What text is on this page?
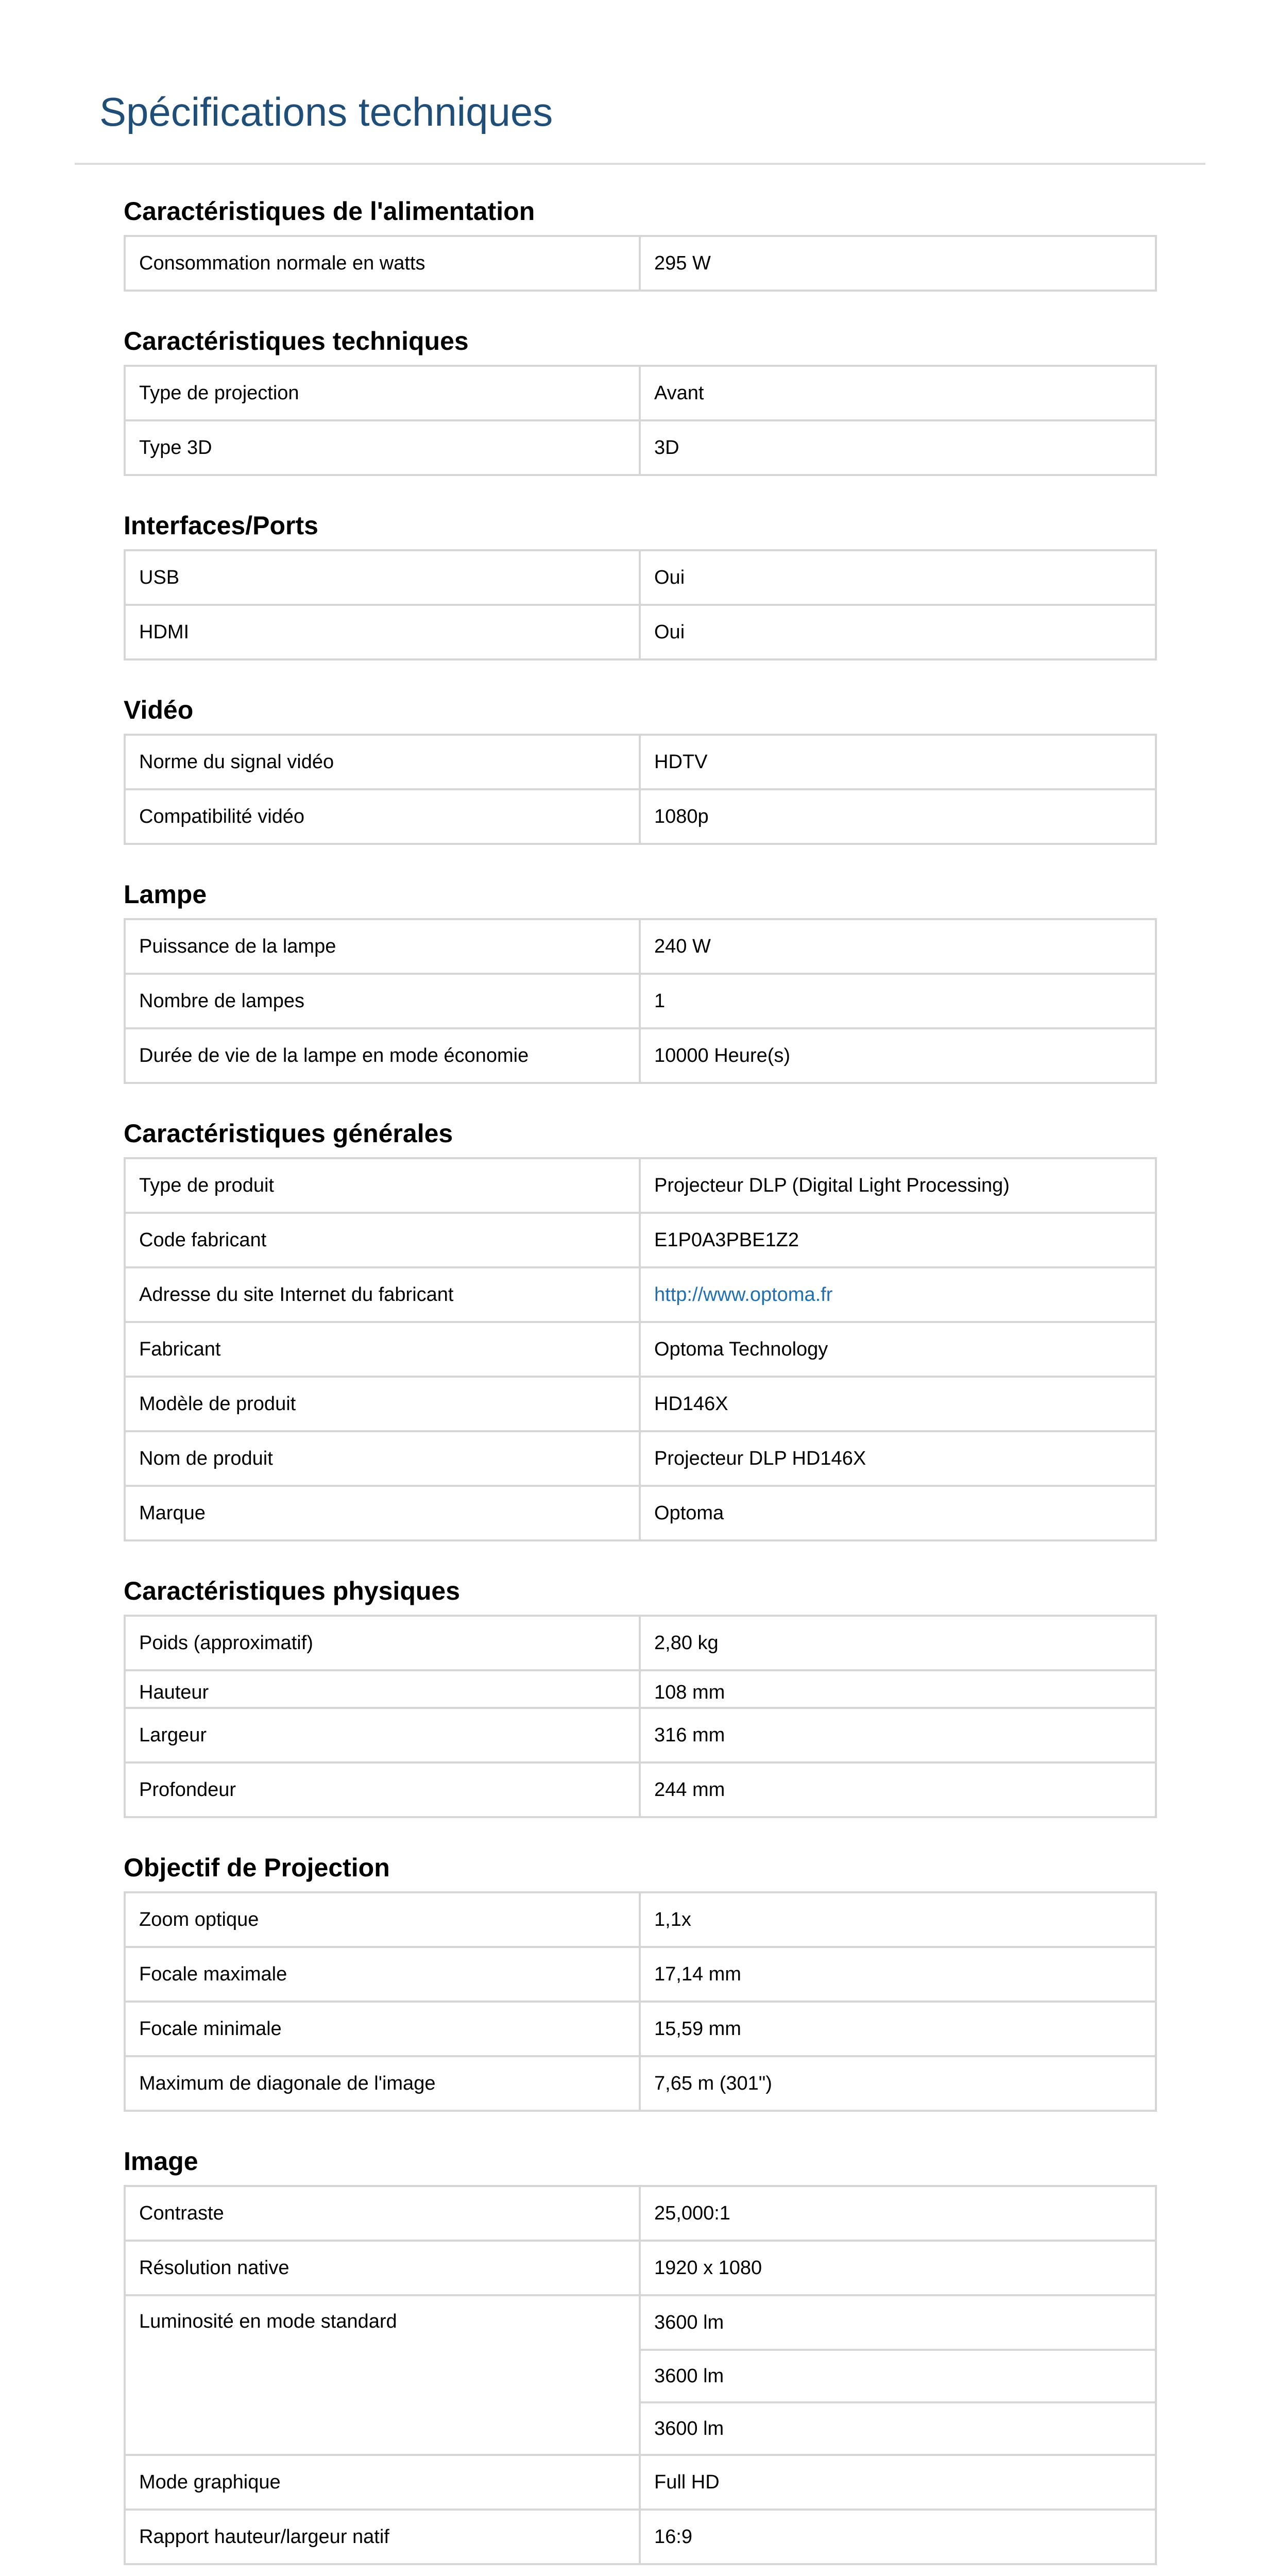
Spécifications techniques
Caractéristiques de l'alimentation
Consommation normale en watts	295 W
Caractéristiques techniques
Type de projection	Avant
Type 3D	3D
Interfaces/Ports
USB	Oui
HDMI	Oui
Vidéo
Norme du signal vidéo	HDTV
Compatibilité vidéo	1080p
Lampe
Puissance de la lampe	240 W
Nombre de lampes	1
Durée de vie de la lampe en mode économie	10000 Heure(s)
Caractéristiques générales
Type de produit	Projecteur DLP (Digital Light Processing)
Code fabricant	E1P0A3PBE1Z2
Adresse du site Internet du fabricant	http://www.optoma.fr
Fabricant	Optoma Technology
Modèle de produit	HD146X
Nom de produit	Projecteur DLP HD146X
Marque	Optoma
Caractéristiques physiques
Poids (approximatif)	2,80 kg
Hauteur	108 mm
Largeur	316 mm
Profondeur	244 mm
Objectif de Projection
Zoom optique	1,1x
Focale maximale	17,14 mm
Focale minimale	15,59 mm
Maximum de diagonale de l'image	7,65 m (301")
Image
Contraste	25,000:1
Résolution native	1920 x 1080
Luminosité en mode standard	3600 lm
3600 lm
3600 lm
Mode graphique	Full HD
Rapport hauteur/largeur natif	16:9
